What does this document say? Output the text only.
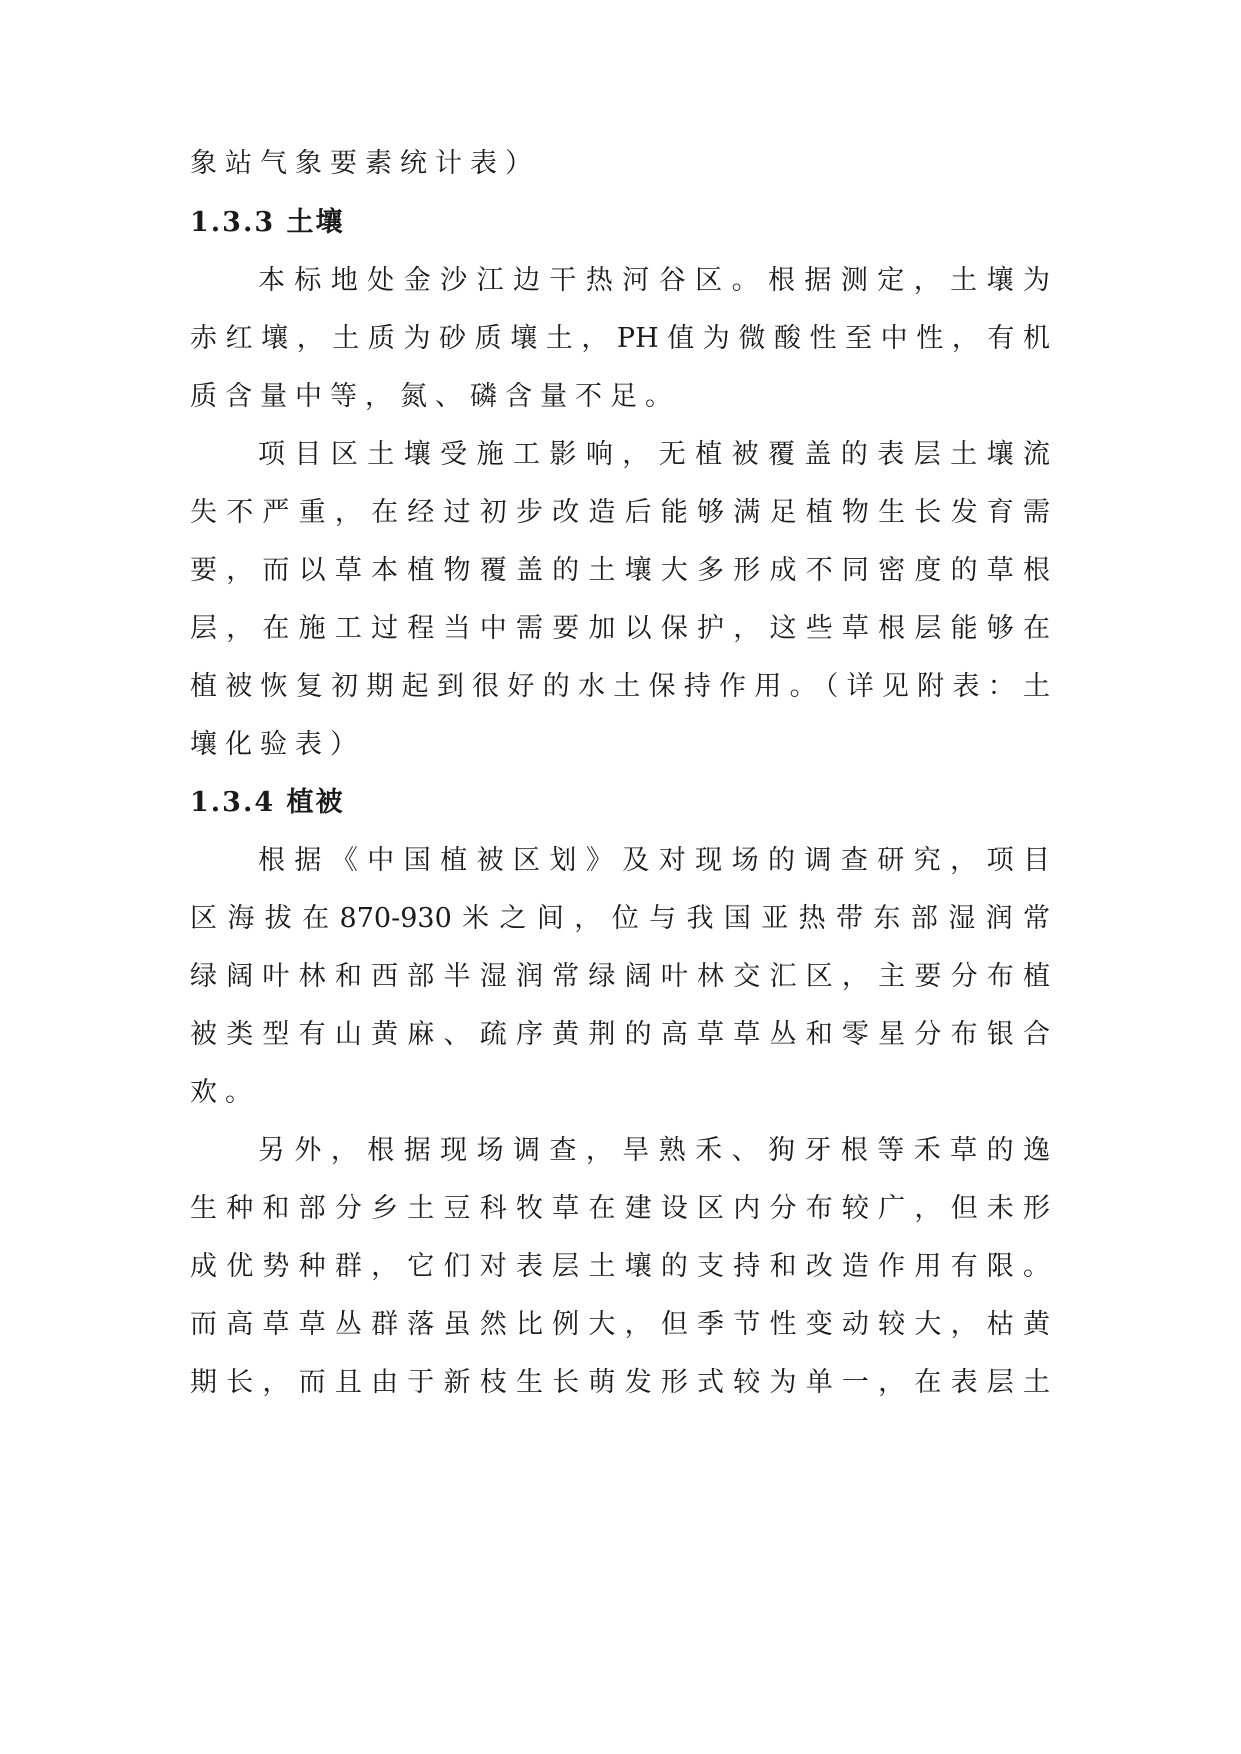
象站气象要素统计表）
1.3.3 土壤
本标地处金沙江边干热河谷区。根据测定，土壤为
赤红壤，土质为砂质壤土，PH值为微酸性至中性，有机
质含量中等，氮、磷含量不足。
项目区土壤受施工影响，无植被覆盖的表层土壤流
失不严重，在经过初步改造后能够满足植物生长发育需
要，而以草本植物覆盖的土壤大多形成不同密度的草根
层，在施工过程当中需要加以保护，这些草根层能够在
植被恢复初期起到很好的水土保持作用。（详见附表：土
壤化验表）
1.3.4 植被
根据《中国植被区划》及对现场的调查研究，项目
区海拔在870-930米之间，位与我国亚热带东部湿润常
绿阔叶林和西部半湿润常绿阔叶林交汇区，主要分布植
被类型有山黄麻、疏序黄荆的高草草丛和零星分布银合
欢。
另外，根据现场调查，旱熟禾、狗牙根等禾草的逸
生种和部分乡土豆科牧草在建设区内分布较广，但未形
成优势种群，它们对表层土壤的支持和改造作用有限。
而高草草丛群落虽然比例大，但季节性变动较大，枯黄
期长，而且由于新枝生长萌发形式较为单一，在表层土
